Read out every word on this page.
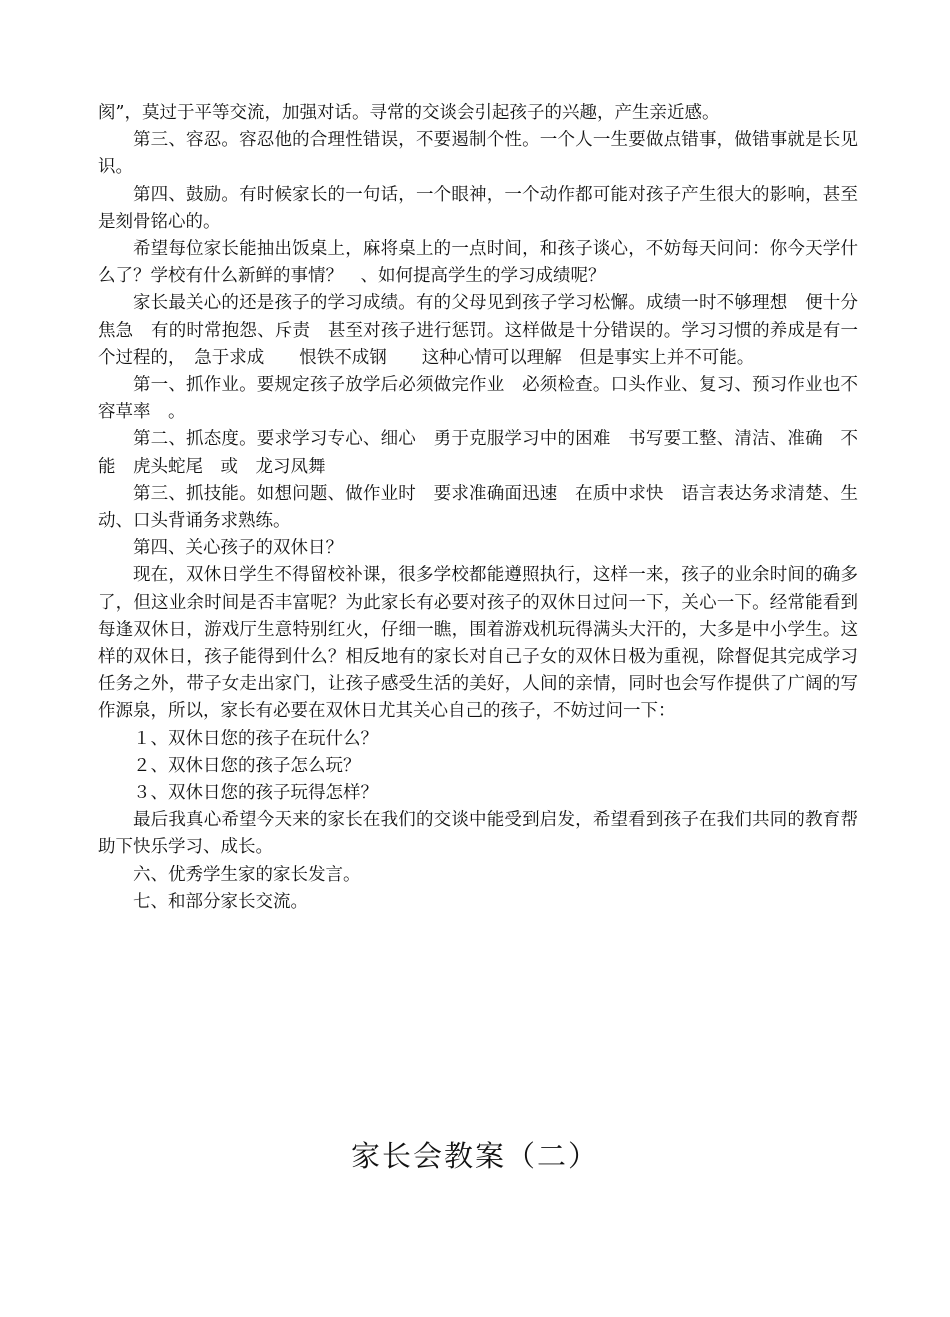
阂”，莫过于平等交流，加强对话。寻常的交谈会引起孩子的兴趣，产生亲近感。

第三、容忍。容忍他的合理性错误，不要遏制个性。一个人一生要做点错事，做错事就是长见识。

第四、鼓励。有时候家长的一句话，一个眼神，一个动作都可能对孩子产生很大的影响，甚至是刻骨铭心的。

希望每位家长能抽出饭桌上，麻将桌上的一点时间，和孩子谈心，不妨每天问问：你今天学什么了？学校有什么新鲜的事情？　、如何提高学生的学习成绩呢？

家长最关心的还是孩子的学习成绩。有的父母见到孩子学习松懈。成绩一时不够理想　便十分焦急　有的时常抱怨、斥责　甚至对孩子进行惩罚。这样做是十分错误的。学习习惯的养成是有一个过程的，　急于求成　　恨铁不成钢　　这种心情可以理解　但是事实上并不可能。

第一、抓作业。要规定孩子放学后必须做完作业　必须检查。口头作业、复习、预习作业也不容草率　。

第二、抓态度。要求学习专心、细心　勇于克服学习中的困难　书写要工整、清洁、准确　不能　虎头蛇尾　或　龙习凤舞

第三、抓技能。如想问题、做作业时　要求准确面迅速　在质中求快　语言表达务求清楚、生动、口头背诵务求熟练。

第四、关心孩子的双休日？

现在，双休日学生不得留校补课，很多学校都能遵照执行，这样一来，孩子的业余时间的确多了，但这业余时间是否丰富呢？为此家长有必要对孩子的双休日过问一下，关心一下。经常能看到每逢双休日，游戏厅生意特别红火，仔细一瞧，围着游戏机玩得满头大汗的，大多是中小学生。这样的双休日，孩子能得到什么？相反地有的家长对自己子女的双休日极为重视，除督促其完成学习任务之外，带子女走出家门，让孩子感受生活的美好，人间的亲情，同时也会写作提供了广阔的写作源泉，所以，家长有必要在双休日尤其关心自己的孩子，不妨过问一下：

１、双休日您的孩子在玩什么？

２、双休日您的孩子怎么玩？

３、双休日您的孩子玩得怎样？

最后我真心希望今天来的家长在我们的交谈中能受到启发，希望看到孩子在我们共同的教育帮助下快乐学习、成长。

六、优秀学生家的家长发言。

七、和部分家长交流。

家长会教案（二）
